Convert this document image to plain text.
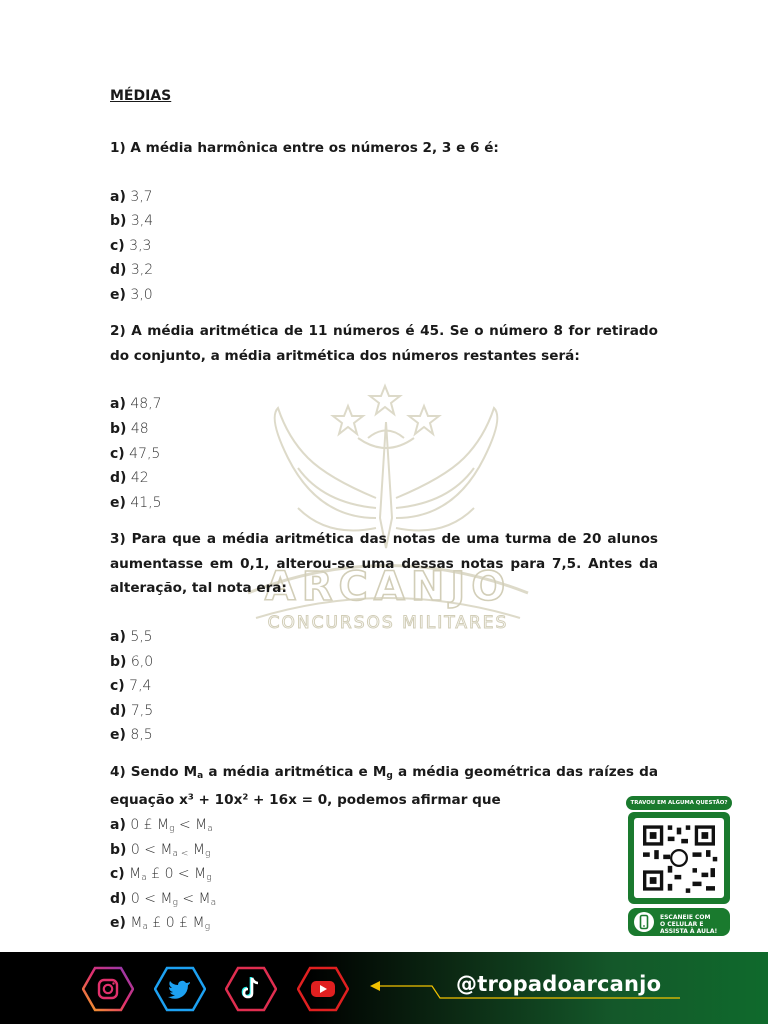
ARCANJO
CONCURSOS MILITARES
MÉDIAS
1) A média harmônica entre os números 2, 3 e 6 é:
a) 3,7
b) 3,4
c) 3,3
d) 3,2
e) 3,0
2) A média aritmética de 11 números é 45. Se o número 8 for retirado do conjunto, a média aritmética dos números restantes será:
a) 48,7
b) 48
c) 47,5
d) 42
e) 41,5
3) Para que a média aritmética das notas de uma turma de 20 alunos aumentasse em 0,1, alterou-se uma dessas notas para 7,5. Antes da alteração, tal nota era:
a) 5,5
b) 6,0
c) 7,4
d) 7,5
e) 8,5
4) Sendo $M_a$ a média aritmética e $M_g$ a média geométrica das raízes da equação x³ + 10x² + 16x = 0, podemos afirmar que
a) 0 £ $M_g < M_a$
b) $0 < M_{a <}$ $M_g$
c) $M_a$ £ $0 < M_g$
d) $0 < M_g < M_a$
e) $M_a$ £ 0 £ $M_g$
TRAVOU EM ALGUMA QUESTÃO?
ESCANEIE COM
O CELULAR E
ASSISTA À AULA!
@tropadoarcanjo
